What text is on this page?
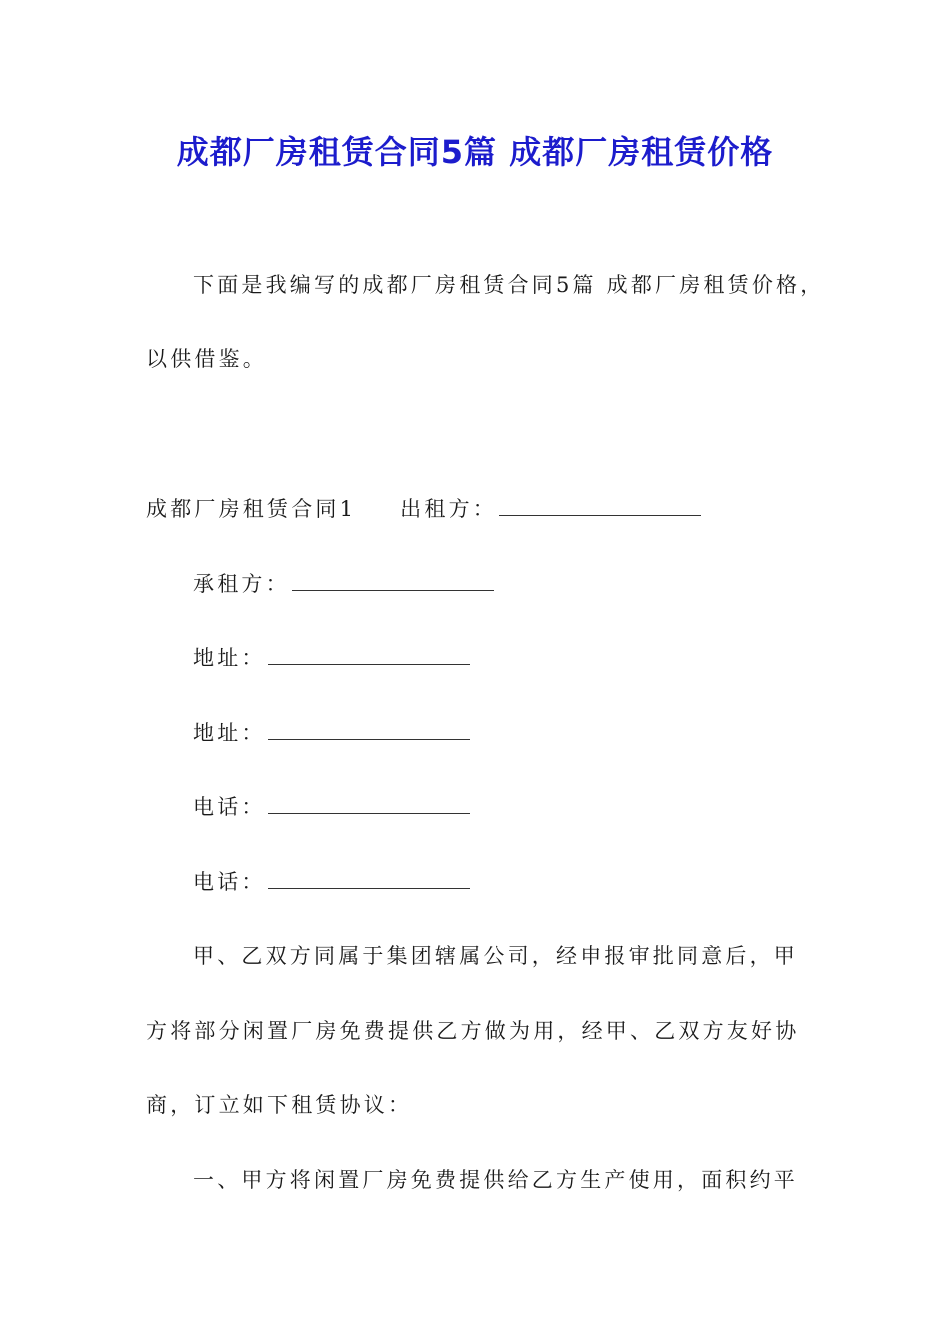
成都厂房租赁合同5篇 成都厂房租赁价格
下面是我编写的成都厂房租赁合同5篇 成都厂房租赁价格，
以供借鉴。
成都厂房租赁合同1 出租方：
承租方：
地址：
地址：
电话：
电话：
甲、乙双方同属于集团辖属公司，经申报审批同意后，甲
方将部分闲置厂房免费提供乙方做为用，经甲、乙双方友好协
商，订立如下租赁协议：
一、甲方将闲置厂房免费提供给乙方生产使用，面积约平
